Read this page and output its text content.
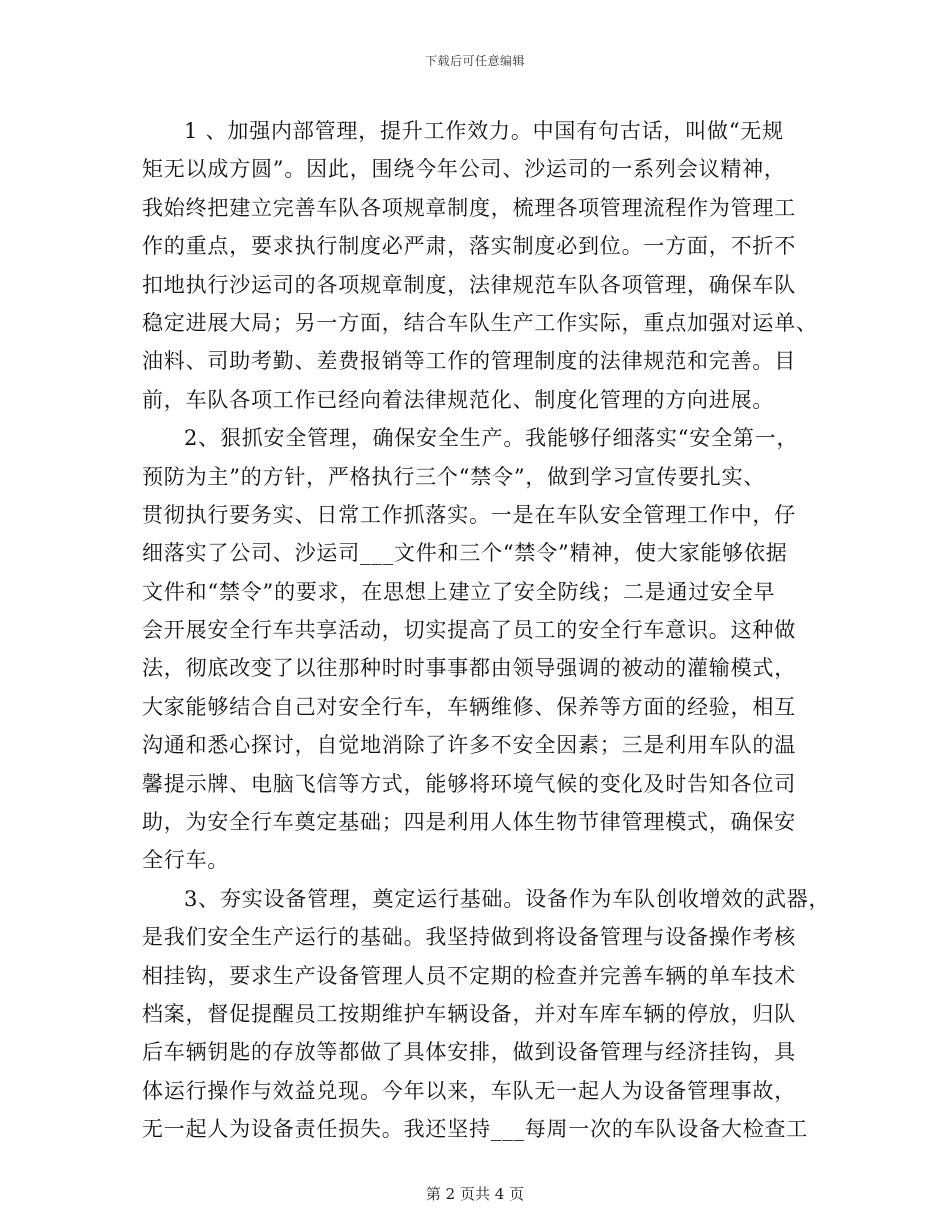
下载后可任意编辑
1 、加强内部管理，提升工作效力。中国有句古话，叫做“无规
矩无以成方圆”。因此，围绕今年公司、沙运司的一系列会议精神，
我始终把建立完善车队各项规章制度，梳理各项管理流程作为管理工
作的重点，要求执行制度必严肃，落实制度必到位。一方面，不折不
扣地执行沙运司的各项规章制度，法律规范车队各项管理，确保车队
稳定进展大局；另一方面，结合车队生产工作实际，重点加强对运单、
油料、司助考勤、差费报销等工作的管理制度的法律规范和完善。目
前，车队各项工作已经向着法律规范化、制度化管理的方向进展。
2、狠抓安全管理，确保安全生产。我能够仔细落实“安全第一，
预防为主”的方针，严格执行三个“禁令”，做到学习宣传要扎实、
贯彻执行要务实、日常工作抓落实。一是在车队安全管理工作中，仔
细落实了公司、沙运司___文件和三个“禁令”精神，使大家能够依据
文件和“禁令”的要求，在思想上建立了安全防线；二是通过安全早
会开展安全行车共享活动，切实提高了员工的安全行车意识。这种做
法，彻底改变了以往那种时时事事都由领导强调的被动的灌输模式，
大家能够结合自己对安全行车，车辆维修、保养等方面的经验，相互
沟通和悉心探讨，自觉地消除了许多不安全因素；三是利用车队的温
馨提示牌、电脑飞信等方式，能够将环境气候的变化及时告知各位司
助，为安全行车奠定基础；四是利用人体生物节律管理模式，确保安
全行车。
3、夯实设备管理，奠定运行基础。设备作为车队创收增效的武器，
是我们安全生产运行的基础。我坚持做到将设备管理与设备操作考核
相挂钩，要求生产设备管理人员不定期的检查并完善车辆的单车技术
档案，督促提醒员工按期维护车辆设备，并对车库车辆的停放，归队
后车辆钥匙的存放等都做了具体安排，做到设备管理与经济挂钩，具
体运行操作与效益兑现。今年以来，车队无一起人为设备管理事故，
无一起人为设备责任损失。我还坚持___每周一次的车队设备大检查工
第 2 页共 4 页
